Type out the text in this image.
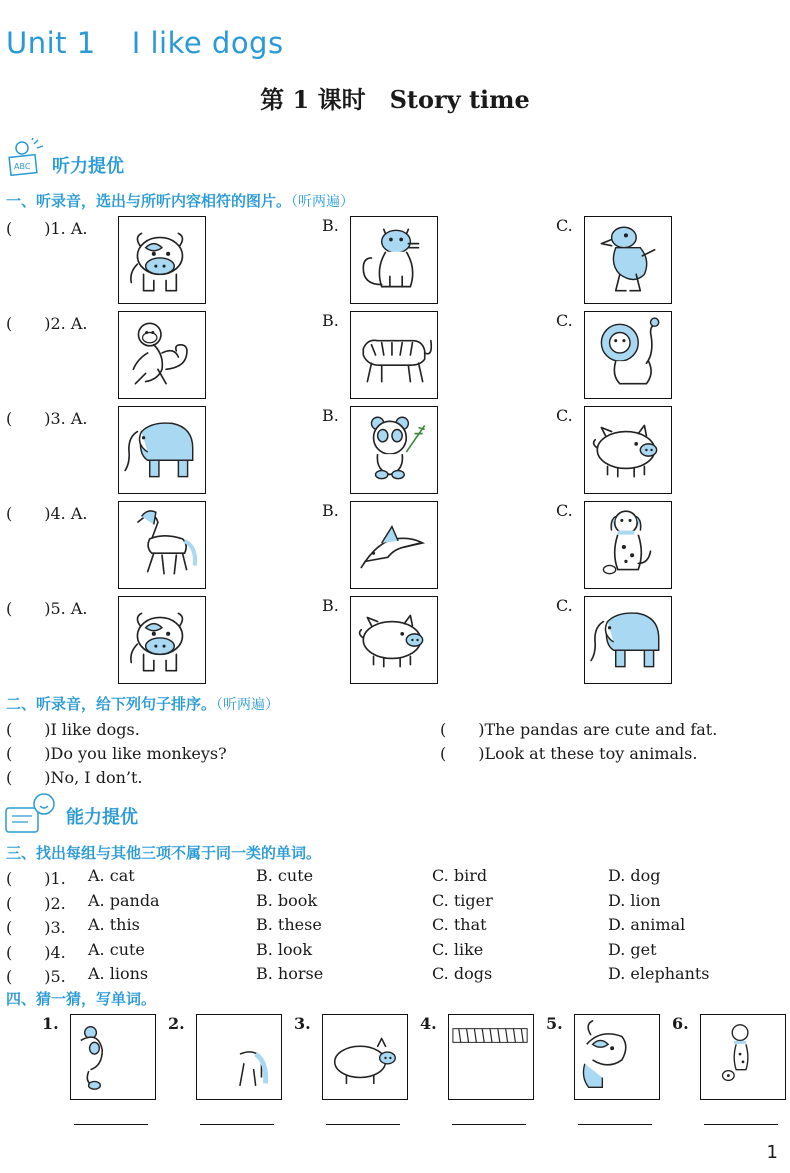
Unit 1 I like dogs
第 1 课时 Story time
ABC 听力提优
一、听录音，选出与所听内容相符的图片。（听两遍）
(　　)1. A.	B.	C.
(　　)2. A.	B.	C.
(　　)3. A.	B.	C.
(　　)4. A.	B.	C.
(　　)5. A.	B.	C.
二、听录音，给下列句子排序。（听两遍）
(　　)I like dogs.
(　　)Do you like monkeys?
(　　)No, I don’t.
(　　)The pandas are cute and fat.
(　　)Look at these toy animals.
能力提优
三、找出每组与其他三项不属于同一类的单词。
(　　)1. A. cat	B. cute	C. bird	D. dog
(　　)2. A. panda	B. book	C. tiger	D. lion
(　　)3. A. this	B. these	C. that	D. animal
(　　)4. A. cute	B. look	C. like	D. get
(　　)5. A. lions	B. horse	C. dogs	D. elephants
四、猜一猜，写单词。
1.	2.	3.	4.	5.	6.
1
